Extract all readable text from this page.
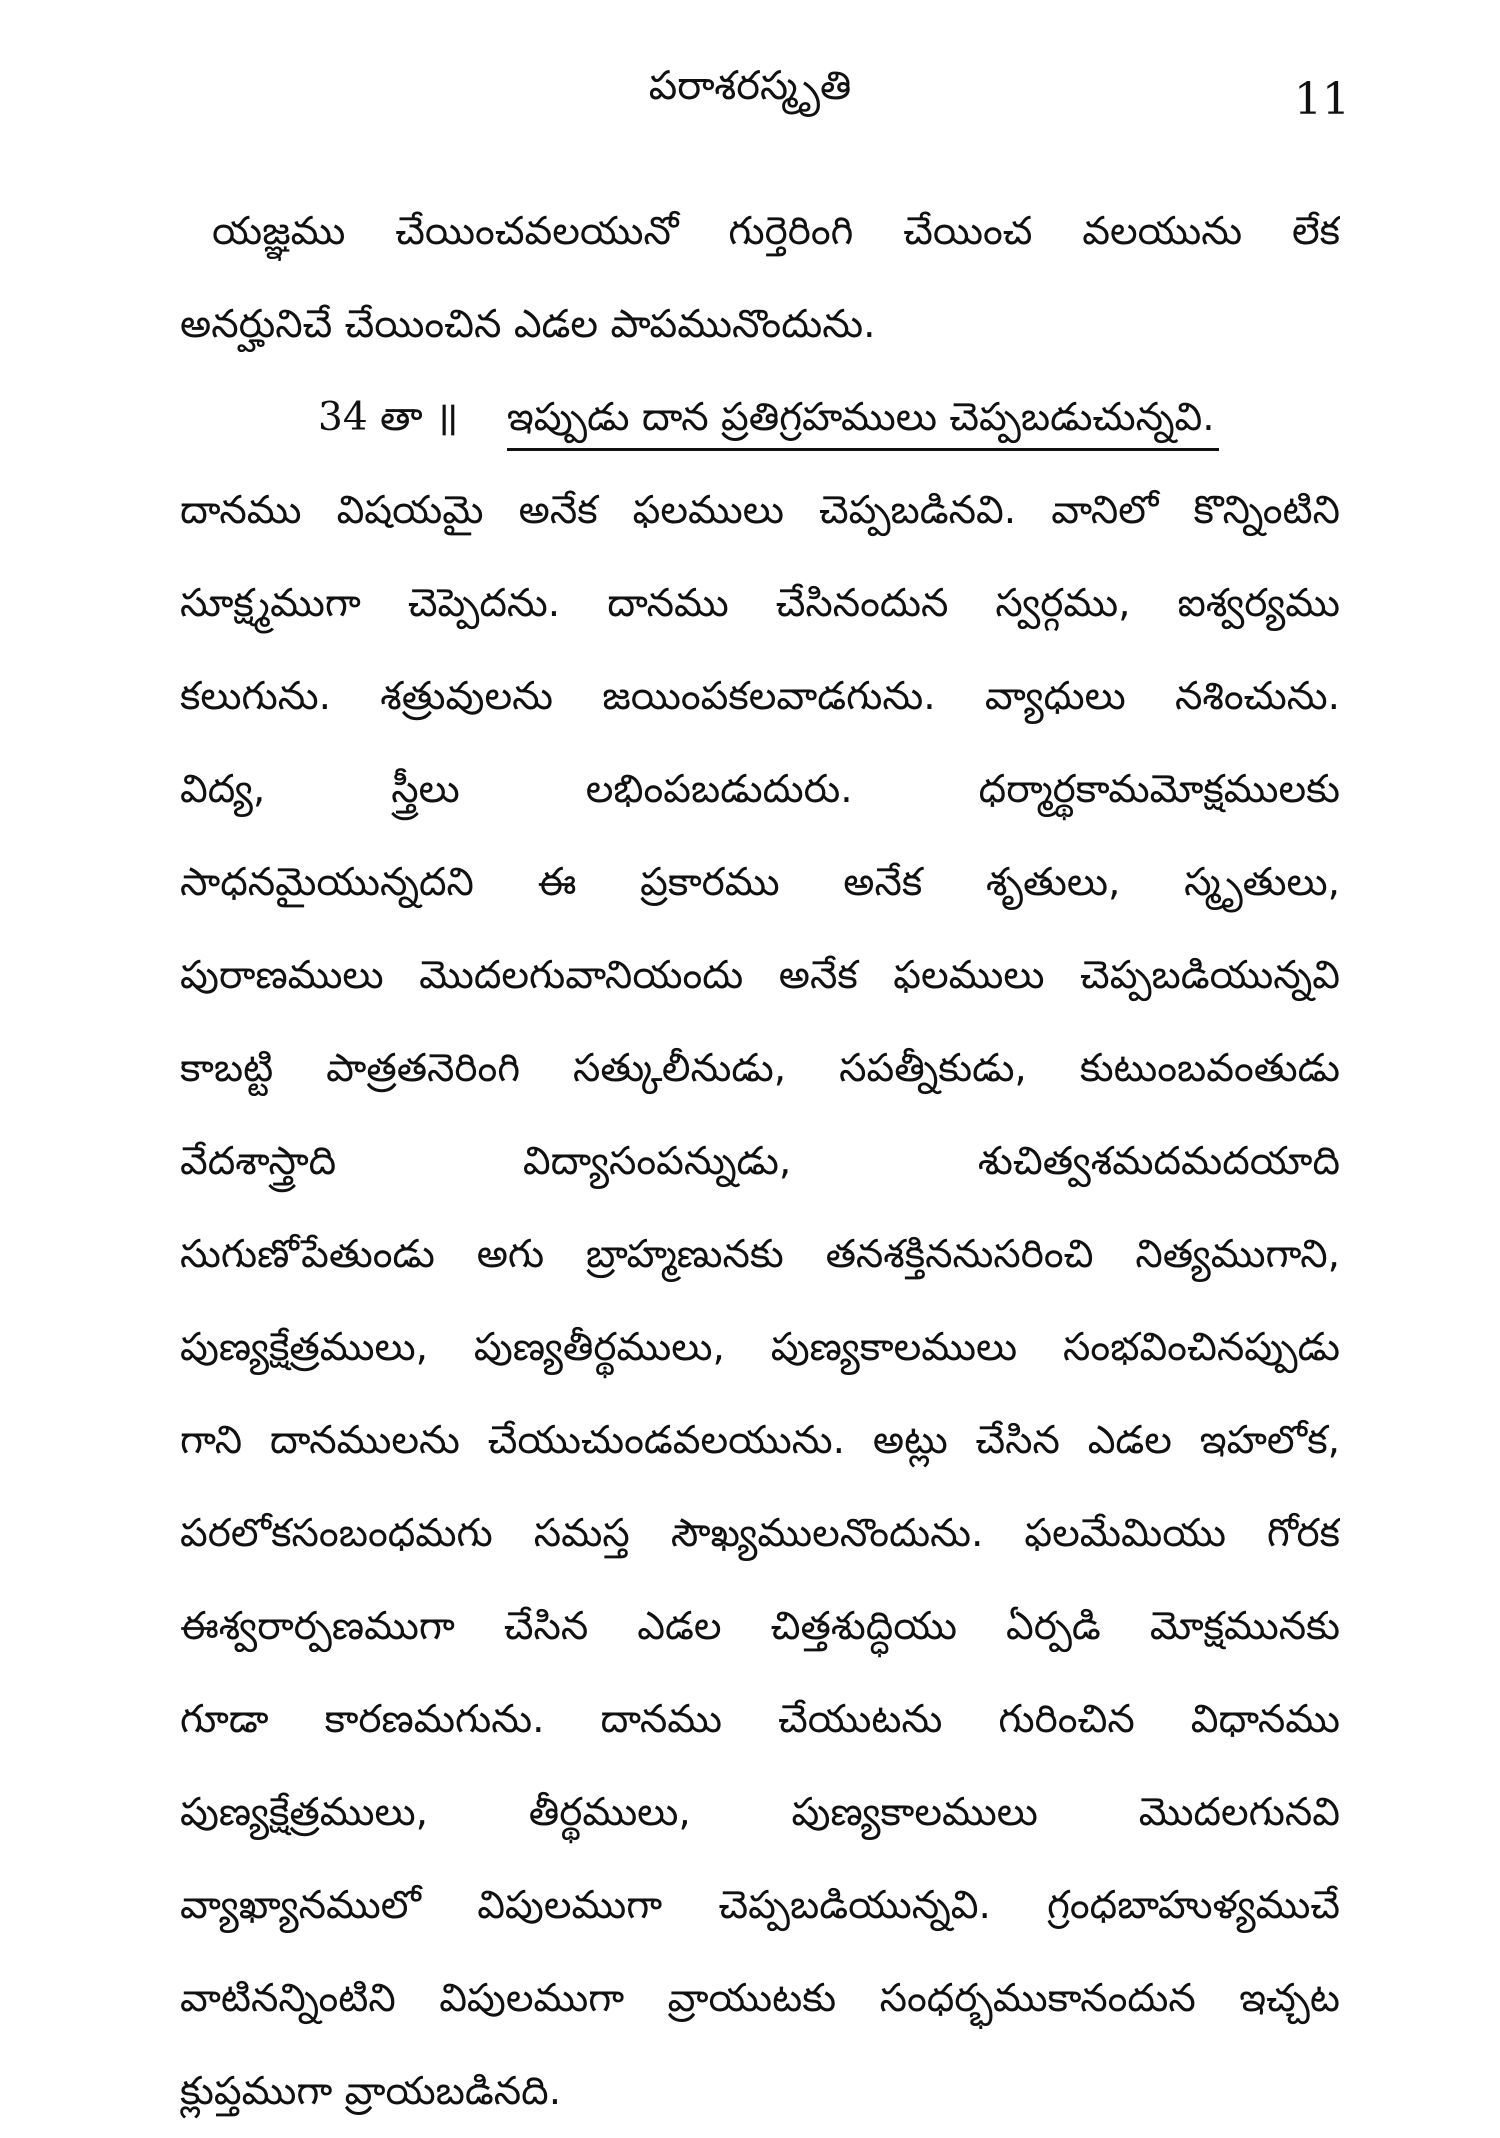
పరాశరస్మృతి	11
యజ్ఞము చేయించవలయునో గుర్తెరింగి చేయించ వలయును లేక
అనర్హునిచే చేయించిన ఎడల పాపమునొందును.
34 తా ॥ ఇప్పుడు దాన ప్రతిగ్రహములు చెప్పబడుచున్నవి.
దానము విషయమై అనేక ఫలములు చెప్పబడినవి. వానిలో కొన్నింటిని
సూక్ష్మముగా చెప్పెదను. దానము చేసినందున స్వర్గము, ఐశ్వర్యము
కలుగును. శత్రువులను జయింపకలవాడగును. వ్యాధులు నశించును.
విద్య, స్త్రీలు లభింపబడుదురు. ధర్మార్థకామమోక్షములకు
సాధనమైయున్నదని ఈ ప్రకారము అనేక శృతులు, స్మృతులు,
పురాణములు మొదలగువానియందు అనేక ఫలములు చెప్పబడియున్నవి
కాబట్టి పాత్రతనెరింగి సత్కులీనుడు, సపత్నీకుడు, కుటుంబవంతుడు
వేదశాస్త్రాది విద్యాసంపన్నుడు, శుచిత్వశమదమదయాది
సుగుణోపేతుండు అగు బ్రాహ్మణునకు తనశక్తిననుసరించి నిత్యముగాని,
పుణ్యక్షేత్రములు, పుణ్యతీర్థములు, పుణ్యకాలములు సంభవించినప్పుడు
గాని దానములను చేయుచుండవలయును. అట్లు చేసిన ఎడల ఇహలోక,
పరలోకసంబంధమగు సమస్త సౌఖ్యములనొందును. ఫలమేమియు గోరక
ఈశ్వరార్పణముగా చేసిన ఎడల చిత్తశుద్ధియు ఏర్పడి మోక్షమునకు
గూడా కారణమగును. దానము చేయుటను గురించిన విధానము
పుణ్యక్షేత్రములు, తీర్థములు, పుణ్యకాలములు మొదలగునవి
వ్యాఖ్యానములో విపులముగా చెప్పబడియున్నవి. గ్రంధబాహుళ్యముచే
వాటినన్నింటిని విపులముగా వ్రాయుటకు సంధర్భముకానందున ఇచ్చట
క్లుప్తముగా వ్రాయబడినది.
